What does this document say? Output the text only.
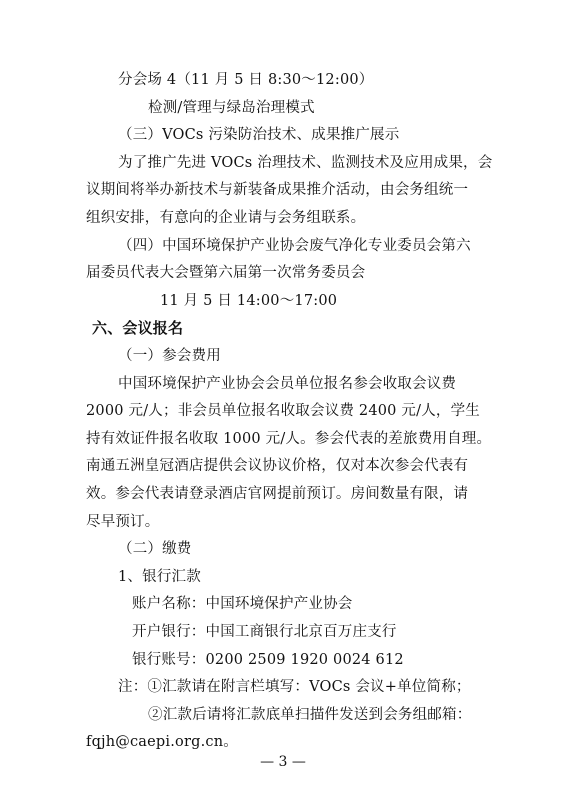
分会场 4（11 月 5 日 8:30～12:00）
检测/管理与绿岛治理模式
（三）VOCs 污染防治技术、成果推广展示
为了推广先进 VOCs 治理技术、监测技术及应用成果，会
议期间将举办新技术与新装备成果推介活动，由会务组统一
组织安排，有意向的企业请与会务组联系。
（四）中国环境保护产业协会废气净化专业委员会第六
届委员代表大会暨第六届第一次常务委员会
11 月 5 日 14:00～17:00
六、会议报名
（一）参会费用
中国环境保护产业协会会员单位报名参会收取会议费
2000 元/人；非会员单位报名收取会议费 2400 元/人，学生
持有效证件报名收取 1000 元/人。参会代表的差旅费用自理。
南通五洲皇冠酒店提供会议协议价格，仅对本次参会代表有
效。参会代表请登录酒店官网提前预订。房间数量有限，请
尽早预订。
（二）缴费
1、银行汇款
账户名称：中国环境保护产业协会
开户银行：中国工商银行北京百万庄支行
银行账号：0200 2509 1920 0024 612
②汇款后请将汇款底单扫描件发送到会务组邮箱：
fqjh@caepi.org.cn。
注：①汇款请在附言栏填写：VOCs 会议+单位简称；
— 3 —
